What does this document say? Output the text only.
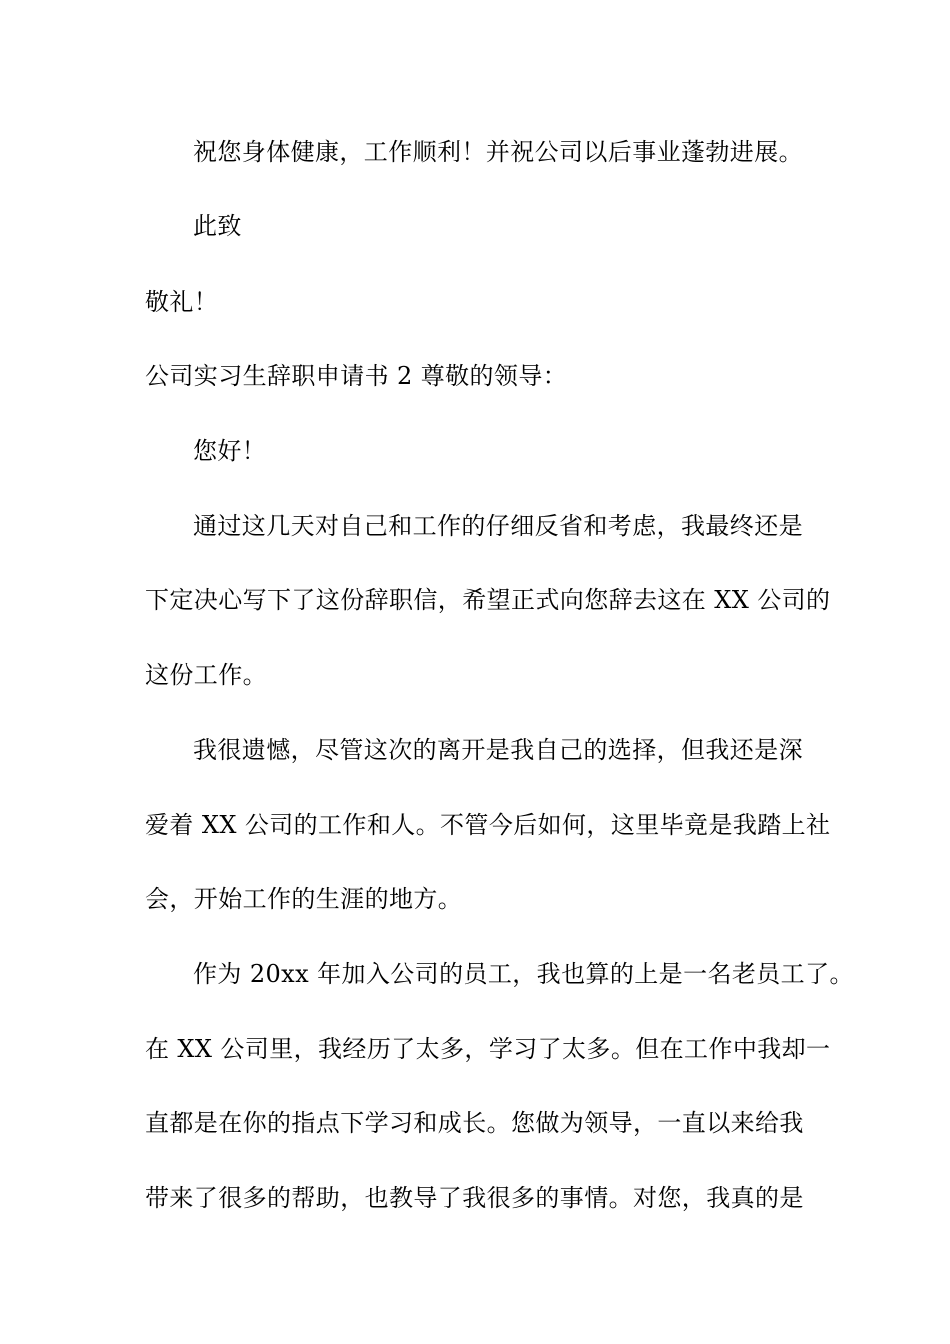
祝您身体健康，工作顺利！并祝公司以后事业蓬勃进展。

此致

敬礼！

公司实习生辞职申请书 2 尊敬的领导：

您好！

通过这几天对自己和工作的仔细反省和考虑，我最终还是

下定决心写下了这份辞职信，希望正式向您辞去这在 XX 公司的

这份工作。

我很遗憾，尽管这次的离开是我自己的选择，但我还是深

爱着 XX 公司的工作和人。不管今后如何，这里毕竟是我踏上社

会，开始工作的生涯的地方。

作为 20xx 年加入公司的员工，我也算的上是一名老员工了。

在 XX 公司里，我经历了太多，学习了太多。但在工作中我却一

直都是在你的指点下学习和成长。您做为领导，一直以来给我

带来了很多的帮助，也教导了我很多的事情。对您，我真的是
